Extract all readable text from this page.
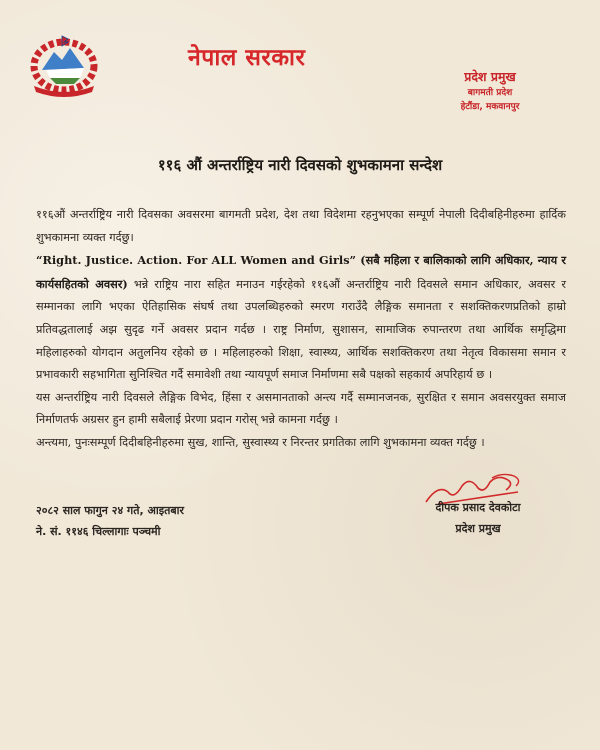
नेपाल सरकार
प्रदेश प्रमुख
बागमती प्रदेश
हेटौंडा, मकवानपुर
११६ औं अन्तर्राष्ट्रिय नारी दिवसको शुभकामना सन्देश

११६औं अन्तर्राष्ट्रिय नारी दिवसका अवसरमा बागमती प्रदेश, देश तथा विदेशमा रहनुभएका सम्पूर्ण नेपाली दिदीबहिनीहरुमा हार्दिक शुभकामना व्यक्त गर्दछु।

“Right. Justice. Action. For ALL Women and Girls” (सबै महिला र बालिकाको लागि अधिकार, न्याय र कार्यसहितको अवसर) भन्ने राष्ट्रिय नारा सहित मनाउन गईरहेको ११६औं अन्तर्राष्ट्रिय नारी दिवसले समान अधिकार, अवसर र सम्मानका लागि भएका ऐतिहासिक संघर्ष तथा उपलब्धिहरुको स्मरण गराउँदै लैङ्गिक समानता र सशक्तिकरणप्रतिको हाम्रो प्रतिवद्धतालाई अझ सुदृढ गर्ने अवसर प्रदान गर्दछ । राष्ट्र निर्माण, सुशासन, सामाजिक रुपान्तरण तथा आर्थिक समृद्धिमा महिलाहरुको योगदान अतुलनिय रहेको छ । महिलाहरुको शिक्षा, स्वास्थ्य, आर्थिक सशक्तिकरण तथा नेतृत्व विकासमा समान र प्रभावकारी सहभागिता सुनिश्चित गर्दै समावेशी तथा न्यायपूर्ण समाज निर्माणमा सबै पक्षको सहकार्य अपरिहार्य छ ।

यस अन्तर्राष्ट्रिय नारी दिवसले लैङ्गिक विभेद, हिंसा र असमानताको अन्त्य गर्दै सम्मानजनक, सुरक्षित र समान अवसरयुक्त समाज निर्माणतर्फ अग्रसर हुन हामी सबैलाई प्रेरणा प्रदान गरोस् भन्ने कामना गर्दछु ।

अन्त्यमा, पुनःसम्पूर्ण दिदीबहिनीहरुमा सुख, शान्ति, सुस्वास्थ्य र निरन्तर प्रगतिका लागि शुभकामना व्यक्त गर्दछु ।

२०८२ साल फागुन २४ गते, आइतबार
ने. सं. ११४६ चिल्लागाः पञ्चमी
दीपक प्रसाद देवकोटा
प्रदेश प्रमुख
